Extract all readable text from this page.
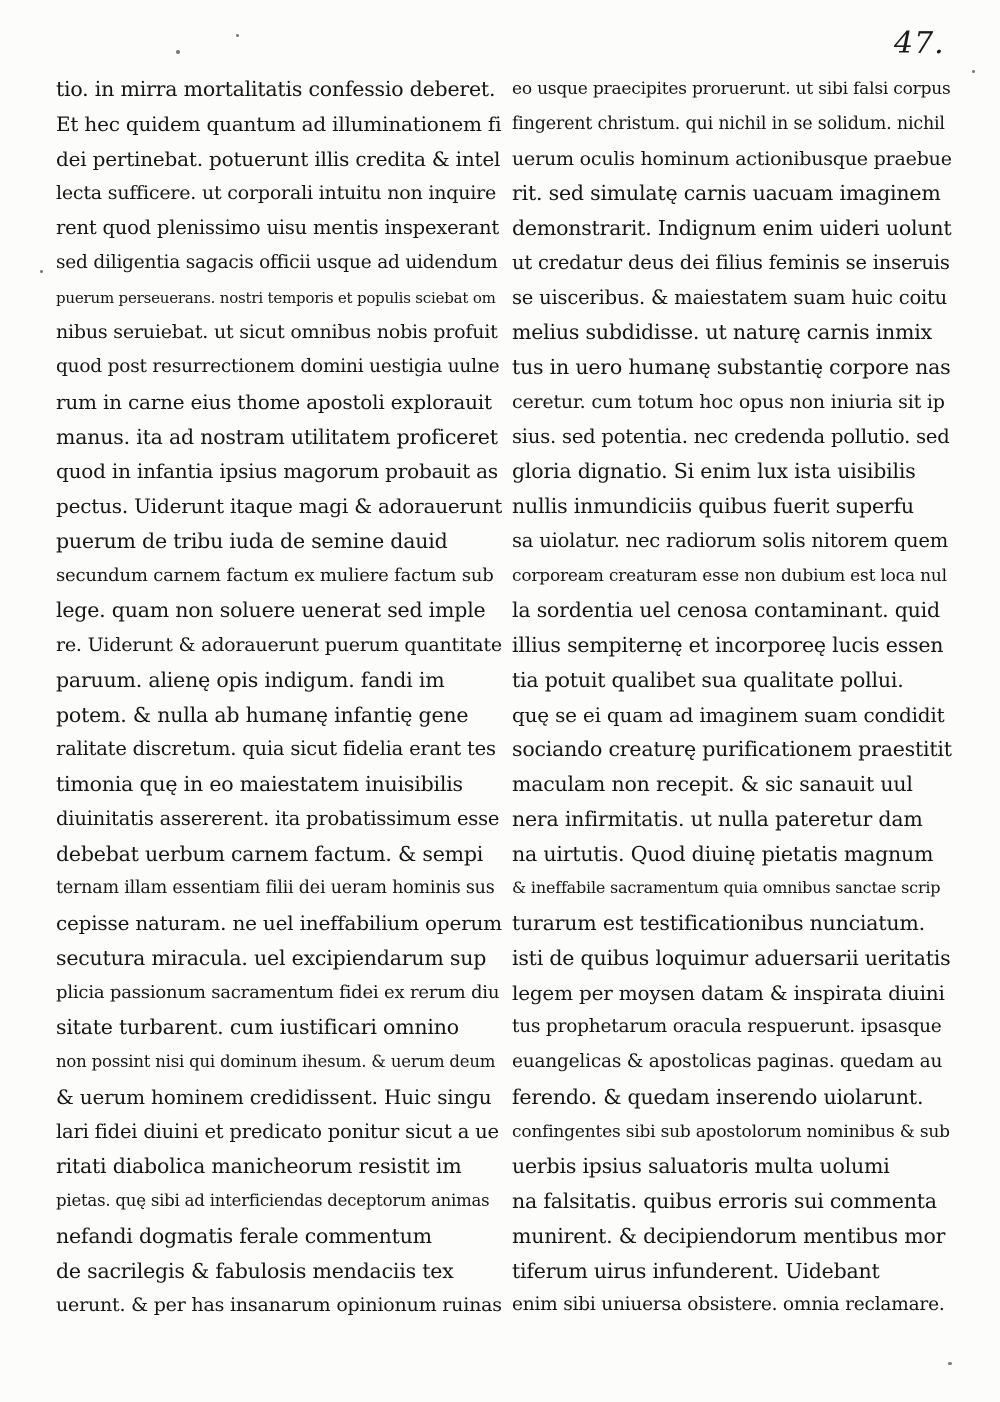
47.
tio. in mirra mortalitatis confessio deberet.
Et hec quidem quantum ad illuminationem fi
dei pertinebat. potuerunt illis credita & intel
lecta sufficere. ut corporali intuitu non inquire
rent quod plenissimo uisu mentis inspexerant
sed diligentia sagacis officii usque ad uidendum
puerum perseuerans. nostri temporis et populis sciebat om
nibus seruiebat. ut sicut omnibus nobis profuit
quod post resurrectionem domini uestigia uulne
rum in carne eius thome apostoli explorauit
manus. ita ad nostram utilitatem proficeret
quod in infantia ipsius magorum probauit as
pectus. Uiderunt itaque magi & adorauerunt
puerum de tribu iuda de semine dauid
secundum carnem factum ex muliere factum sub
lege. quam non soluere uenerat sed imple
re. Uiderunt & adorauerunt puerum quantitate
paruum. alienę opis indigum. fandi im
potem. & nulla ab humanę infantię gene
ralitate discretum. quia sicut fidelia erant tes
timonia quę in eo maiestatem inuisibilis
diuinitatis assererent. ita probatissimum esse
debebat uerbum carnem factum. & sempi
ternam illam essentiam filii dei ueram hominis sus
cepisse naturam. ne uel ineffabilium operum
secutura miracula. uel excipiendarum sup
plicia passionum sacramentum fidei ex rerum diu
sitate turbarent. cum iustificari omnino
non possint nisi qui dominum ihesum. & uerum deum
& uerum hominem credidissent. Huic singu
lari fidei diuini et predicato ponitur sicut a ue
ritati diabolica manicheorum resistit im
pietas. quę sibi ad interficiendas deceptorum animas
nefandi dogmatis ferale commentum
de sacrilegis & fabulosis mendaciis tex
uerunt. & per has insanarum opinionum ruinas
eo usque praecipites proruerunt. ut sibi falsi corpus
fingerent christum. qui nichil in se solidum. nichil
uerum oculis hominum actionibusque praebue
rit. sed simulatę carnis uacuam imaginem
demonstrarit. Indignum enim uideri uolunt
ut credatur deus dei filius feminis se inseruis
se uisceribus. & maiestatem suam huic coitu
melius subdidisse. ut naturę carnis inmix
tus in uero humanę substantię corpore nas
ceretur. cum totum hoc opus non iniuria sit ip
sius. sed potentia. nec credenda pollutio. sed
gloria dignatio. Si enim lux ista uisibilis
nullis inmundiciis quibus fuerit superfu
sa uiolatur. nec radiorum solis nitorem quem
corpoream creaturam esse non dubium est loca nul
la sordentia uel cenosa contaminant. quid
illius sempiternę et incorporeę lucis essen
tia potuit qualibet sua qualitate pollui.
quę se ei quam ad imaginem suam condidit
sociando creaturę purificationem praestitit
maculam non recepit. & sic sanauit uul
nera infirmitatis. ut nulla pateretur dam
na uirtutis. Quod diuinę pietatis magnum
& ineffabile sacramentum quia omnibus sanctae scrip
turarum est testificationibus nunciatum.
isti de quibus loquimur aduersarii ueritatis
legem per moysen datam & inspirata diuini
tus prophetarum oracula respuerunt. ipsasque
euangelicas & apostolicas paginas. quedam au
ferendo. & quedam inserendo uiolarunt.
confingentes sibi sub apostolorum nominibus & sub
uerbis ipsius saluatoris multa uolumi
na falsitatis. quibus erroris sui commenta
munirent. & decipiendorum mentibus mor
tiferum uirus infunderent. Uidebant
enim sibi uniuersa obsistere. omnia reclamare.
